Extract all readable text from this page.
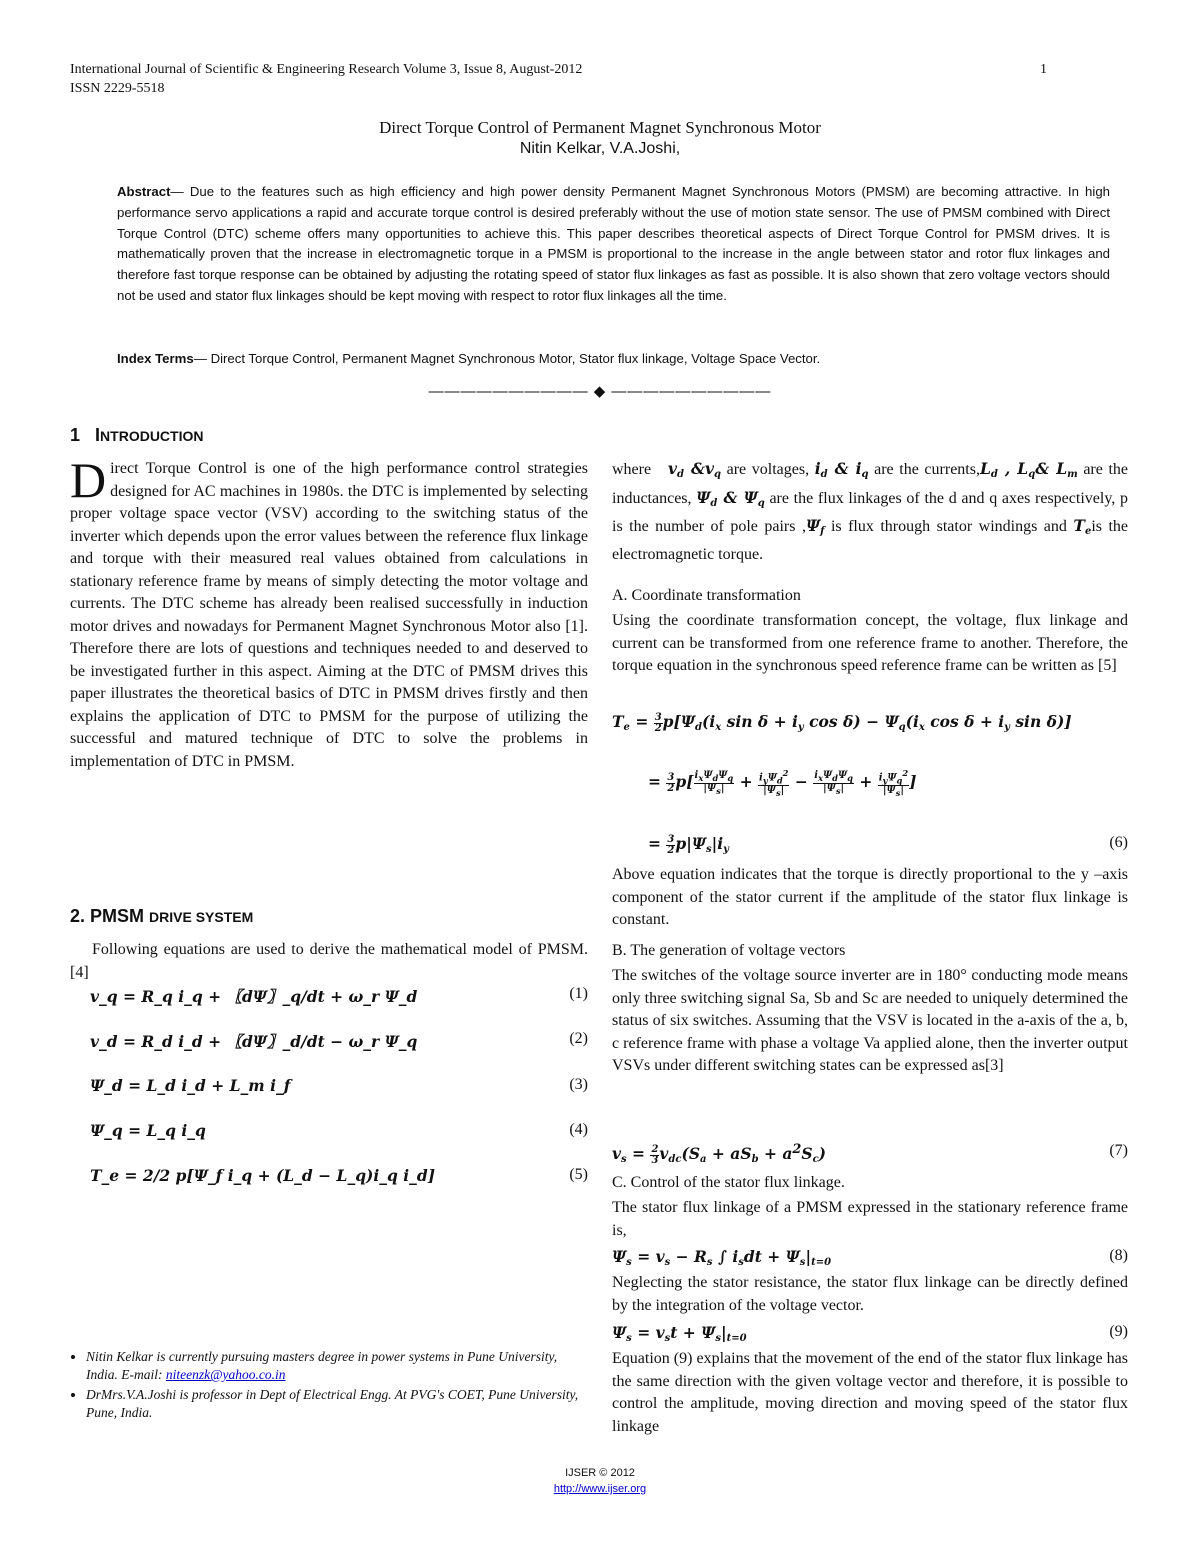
International Journal of Scientific & Engineering Research Volume 3, Issue 8, August-2012	1
ISSN 2229-5518
Direct Torque Control of Permanent Magnet Synchronous Motor
Nitin Kelkar, V.A.Joshi,
Abstract— Due to the features such as high efficiency and high power density Permanent Magnet Synchronous Motors (PMSM) are becoming attractive. In high performance servo applications a rapid and accurate torque control is desired preferably without the use of motion state sensor. The use of PMSM combined with Direct Torque Control (DTC) scheme offers many opportunities to achieve this. This paper describes theoretical aspects of Direct Torque Control for PMSM drives. It is mathematically proven that the increase in electromagnetic torque in a PMSM is proportional to the increase in the angle between stator and rotor flux linkages and therefore fast torque response can be obtained by adjusting the rotating speed of stator flux linkages as fast as possible. It is also shown that zero voltage vectors should not be used and stator flux linkages should be kept moving with respect to rotor flux linkages all the time.
Index Terms— Direct Torque Control, Permanent Magnet Synchronous Motor, Stator flux linkage, Voltage Space Vector.
—————————— ◆ ——————————
1 INTRODUCTION
Direct Torque Control is one of the high performance control strategies designed for AC machines in 1980s. the DTC is implemented by selecting proper voltage space vector (VSV) according to the switching status of the inverter which depends upon the error values between the reference flux linkage and torque with their measured real values obtained from calculations in stationary reference frame by means of simply detecting the motor voltage and currents. The DTC scheme has already been realised successfully in induction motor drives and nowadays for Permanent Magnet Synchronous Motor also [1]. Therefore there are lots of questions and techniques needed to and deserved to be investigated further in this aspect. Aiming at the DTC of PMSM drives this paper illustrates the theoretical basics of DTC in PMSM drives firstly and then explains the application of DTC to PMSM for the purpose of utilizing the successful and matured technique of DTC to solve the problems in implementation of DTC in PMSM.
2. PMSM DRIVE SYSTEM
Following equations are used to derive the mathematical model of PMSM. [4]
v_q = R_q i_q + 〖dΨ〗_q/dt + ω_r Ψ_d	(1)
v_d = R_d i_d + 〖dΨ〗_d/dt − ω_r Ψ_q	(2)
Ψ_d = L_d i_d + L_m i_f	(3)
Ψ_q = L_q i_q	(4)
T_e = 2/2 p[Ψ_f i_q + (L_d − L_q)i_q i_d]	(5)
• Nitin Kelkar is currently pursuing masters degree in power systems in Pune University, India. E-mail: niteenzk@yahoo.co.in
• DrMrs.V.A.Joshi is professor in Dept of Electrical Engg. At PVG's COET, Pune University, Pune, India.
where $v_d$ $\&v_q$ are voltages, $i_d$ & $i_q$ are the $currents,L_d$ , $L_q\&$ $L_m$ are the inductances, $\Psi_d$ & $\Psi_q$ are the flux linkages of the d and q axes respectively, p is the number of pole pairs $,\Psi_f$ is flux through stator windings and $T_eis$ the electromagnetic torque.
A. Coordinate transformation
Using the coordinate transformation concept, the voltage, flux linkage and current can be transformed from one reference frame to another. Therefore, the torque equation in the synchronous speed reference frame can be written as [5]
$T_e = \frac{3}{2} p[\Psi_d(i_x$ $\sin \delta + i_y$ $\cos \delta) - \Psi_q(i_x$ $\cos \delta + i_y$ sin δ)]
= $\frac{3}{2} p[ \frac{i_x\Psi_d\Psi_q}{|\Psi_s|} + \frac{i_y\Psi_d^2}{|\Psi_s|} - \frac{i_x\Psi_d\Psi_q}{|\Psi_s|} + \frac{i_y\Psi_q^2}{|\Psi_s|}$ ]
= $\frac{3}{2} p|\Psi_s|i_y$	(6)
Above equation indicates that the torque is directly proportional to the y –axis component of the stator current if the amplitude of the stator flux linkage is constant.
B. The generation of voltage vectors
The switches of the voltage source inverter are in 180° conducting mode means only three switching signal Sa, Sb and Sc are needed to uniquely determined the status of six switches. Assuming that the VSV is located in the a-axis of the a, b, c reference frame with phase a voltage Va applied alone, then the inverter output VSVs under different switching states can be expressed as[3]
$v_s = \frac{2}{3} v_{dc}(S_a + aS_b + a^2S_c)$	(7)
C. Control of the stator flux linkage.
The stator flux linkage of a PMSM expressed in the stationary reference frame is,
$\Psi_s = v_s - R_s$ ∫ $i_sdt + \Psi_s|_{t=0}$	(8)
Neglecting the stator resistance, the stator flux linkage can be directly defined by the integration of the voltage vector.
$\Psi_s = v_st + \Psi_s|_{t=0}$	(9)
Equation (9) explains that the movement of the end of the stator flux linkage has the same direction with the given voltage vector and therefore, it is possible to control the amplitude, moving direction and moving speed of the stator flux linkage
IJSER © 2012
http://www.ijser.org
